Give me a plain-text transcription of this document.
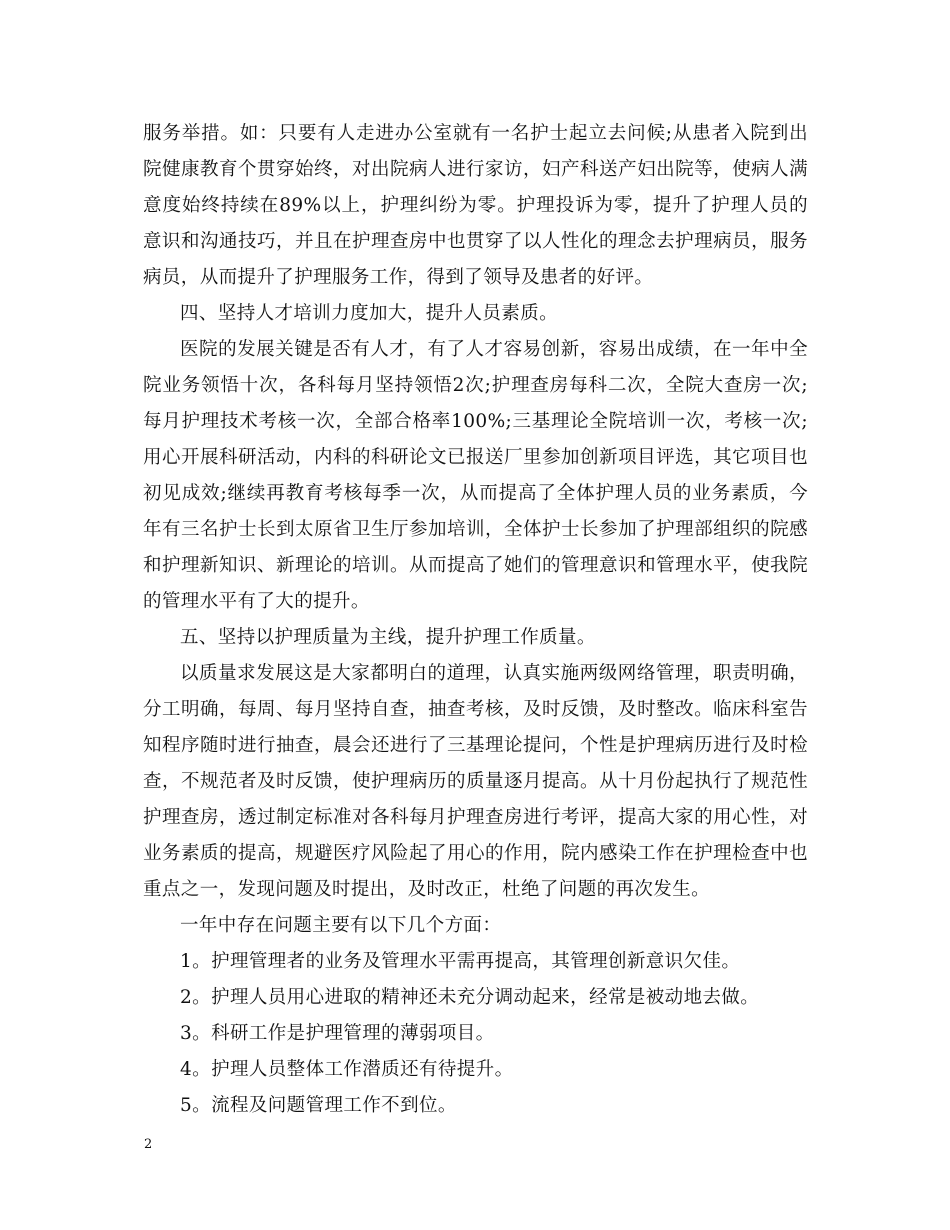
服务举措。如：只要有人走进办公室就有一名护士起立去问候;从患者入院到出院健康教育个贯穿始终，对出院病人进行家访，妇产科送产妇出院等，使病人满意度始终持续在89%以上，护理纠纷为零。护理投诉为零，提升了护理人员的意识和沟通技巧，并且在护理查房中也贯穿了以人性化的理念去护理病员，服务病员，从而提升了护理服务工作，得到了领导及患者的好评。

四、坚持人才培训力度加大，提升人员素质。

医院的发展关键是否有人才，有了人才容易创新，容易出成绩，在一年中全院业务领悟十次，各科每月坚持领悟2次;护理查房每科二次，全院大查房一次;每月护理技术考核一次，全部合格率100%;三基理论全院培训一次，考核一次;用心开展科研活动，内科的科研论文已报送厂里参加创新项目评选，其它项目也初见成效;继续再教育考核每季一次，从而提高了全体护理人员的业务素质，今年有三名护士长到太原省卫生厅参加培训，全体护士长参加了护理部组织的院感和护理新知识、新理论的培训。从而提高了她们的管理意识和管理水平，使我院的管理水平有了大的提升。

五、坚持以护理质量为主线，提升护理工作质量。

以质量求发展这是大家都明白的道理，认真实施两级网络管理，职责明确，分工明确，每周、每月坚持自查，抽查考核，及时反馈，及时整改。临床科室告知程序随时进行抽查，晨会还进行了三基理论提问，个性是护理病历进行及时检查，不规范者及时反馈，使护理病历的质量逐月提高。从十月份起执行了规范性护理查房，透过制定标准对各科每月护理查房进行考评，提高大家的用心性，对业务素质的提高，规避医疗风险起了用心的作用，院内感染工作在护理检查中也重点之一，发现问题及时提出，及时改正，杜绝了问题的再次发生。

一年中存在问题主要有以下几个方面：

1。护理管理者的业务及管理水平需再提高，其管理创新意识欠佳。

2。护理人员用心进取的精神还未充分调动起来，经常是被动地去做。

3。科研工作是护理管理的薄弱项目。

4。护理人员整体工作潜质还有待提升。

5。流程及问题管理工作不到位。

2
